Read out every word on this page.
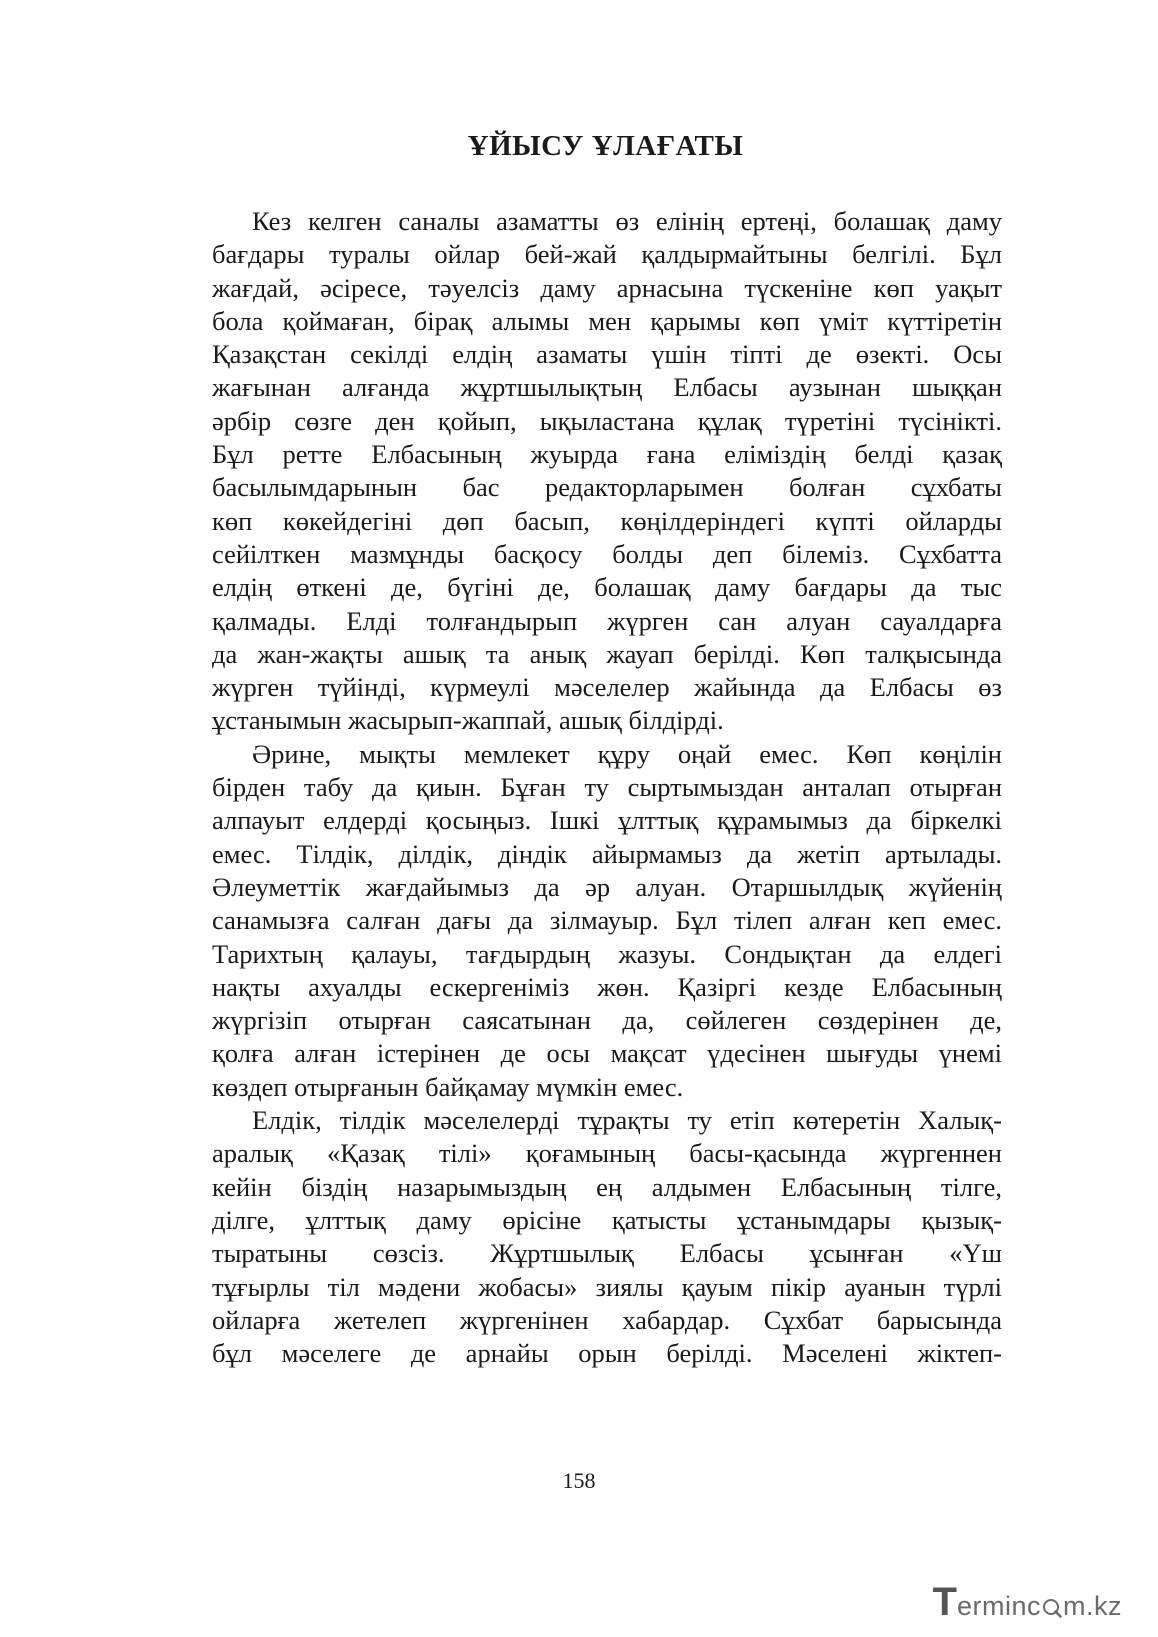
ҰЙЫСУ ҰЛАҒАТЫ
Кез келген саналы азаматты өз елінің ертеңі, болашақ даму
бағдары туралы ойлар бей-жай қалдырмайтыны белгілі. Бұл
жағдай, әсіресе, тәуелсіз даму арнасына түскеніне көп уақыт
бола қоймаған, бірақ алымы мен қарымы көп үміт күттіретін
Қазақстан секілді елдің азаматы үшін тіпті де өзекті. Осы
жағынан алғанда жұртшылықтың Елбасы аузынан шыққан
әрбір сөзге ден қойып, ықыластана құлақ түретіні түсінікті.
Бұл ретте Елбасының жуырда ғана еліміздің белді қазақ
басылымдарынын бас редакторларымен болған сұхбаты
көп көкейдегіні дөп басып, көңілдеріндегі күпті ойларды
сейілткен мазмұнды басқосу болды деп білеміз. Сұхбатта
елдің өткені де, бүгіні де, болашақ даму бағдары да тыс
қалмады. Елді толғандырып жүрген сан алуан сауалдарға
да жан-жақты ашық та анық жауап берілді. Көп талқысында
жүрген түйінді, күрмеулі мәселелер жайында да Елбасы өз
ұстанымын жасырып-жаппай, ашық білдірді.
Әрине, мықты мемлекет құру оңай емес. Көп көңілін
бірден табу да қиын. Бұған ту сыртымыздан анталап отырған
алпауыт елдерді қосыңыз. Ішкі ұлттық құрамымыз да біркелкі
емес. Тілдік, ділдік, діндік айырмамыз да жетіп артылады.
Әлеуметтік жағдайымыз да әр алуан. Отаршылдық жүйенің
санамызға салған дағы да зілмауыр. Бұл тілеп алған кеп емес.
Тарихтың қалауы, тағдырдың жазуы. Сондықтан да елдегі
нақты ахуалды ескергеніміз жөн. Қазіргі кезде Елбасының
жүргізіп отырған саясатынан да, сөйлеген сөздерінен де,
қолға алған істерінен де осы мақсат үдесінен шығуды үнемі
көздеп отырғанын байқамау мүмкін емес.
Елдік, тілдік мәселелерді тұрақты ту етіп көтеретін Халық-
аралық «Қазақ тілі» қоғамының басы-қасында жүргеннен
кейін біздің назарымыздың ең алдымен Елбасының тілге,
ділге, ұлттық даму өрісіне қатысты ұстанымдары қызық-
тыратыны сөзсіз. Жұртшылық Елбасы ұсынған «Үш
тұғырлы тіл мәдени жобасы» зиялы қауым пікір ауанын түрлі
ойларға жетелеп жүргенінен хабардар. Сұхбат барысында
бұл мәселеге де арнайы орын берілді. Мәселені жіктеп-
158
T erminc m.kz
